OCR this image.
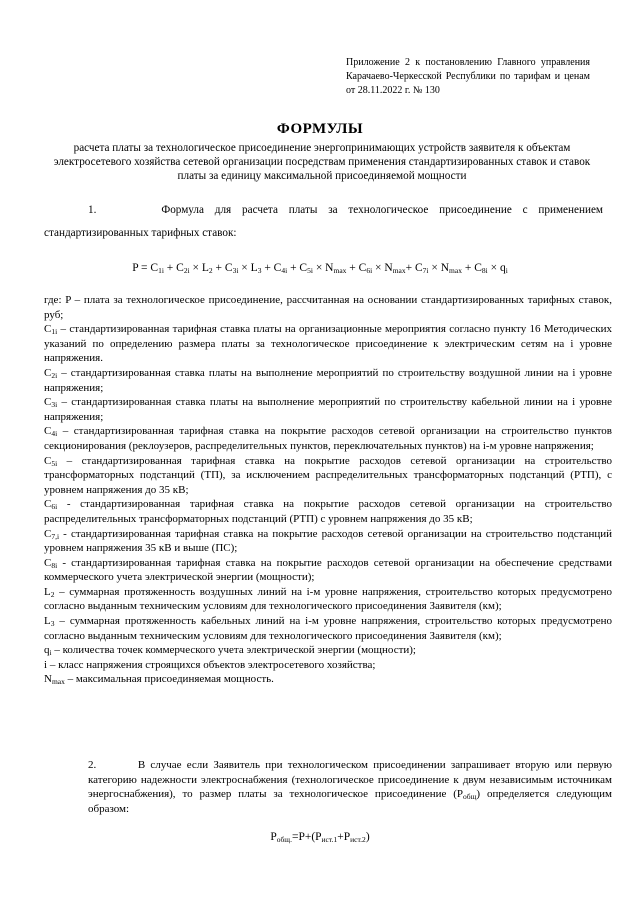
Приложение 2 к постановлению Главного управления Карачаево-Черкесской Республики по тарифам и ценам от 28.11.2022 г. № 130
ФОРМУЛЫ
расчета платы за технологическое присоединение энергопринимающих устройств заявителя к объектам электросетевого хозяйства сетевой организации посредствам применения стандартизированных ставок и ставок платы за единицу максимальной присоединяемой мощности
1.	Формула для расчета платы за технологическое присоединение с применением
стандартизированных тарифных ставок:
$P = C_{1i} + C_{2i} \times L_2 + C_{3i} \times L_3 + C_{4i} + C_{5i} \times N_{max} + C_{6i} \times N_{max}+ C_{7i} \times N_{max} + C_{8i} \times q_i$

где: P – плата за технологическое присоединение, рассчитанная на основании стандартизированных тарифных ставок, руб;

$C_{1i}$ – стандартизированная тарифная ставка платы на организационные мероприятия согласно пункту 16 Методических указаний по определению размера платы за технологическое присоединение к электрическим сетям на i уровне напряжения.

$C_{2i}$ – стандартизированная ставка платы на выполнение мероприятий по строительству воздушной линии на i уровне напряжения;

$C_{3i}$ – стандартизированная ставка платы на выполнение мероприятий по строительству кабельной линии на i уровне напряжения;

$C_{4i}$ – стандартизированная тарифная ставка на покрытие расходов сетевой организации на строительство пунктов секционирования (реклоузеров, распределительных пунктов, переключательных пунктов) на i-м уровне напряжения;

$C_{5i}$ – стандартизированная тарифная ставка на покрытие расходов сетевой организации на строительство трансформаторных подстанций (ТП), за исключением распределительных трансформаторных подстанций (РТП), с уровнем напряжения до 35 кВ;

$C_{6i}$ - стандартизированная тарифная ставка на покрытие расходов сетевой организации на строительство распределительных трансформаторных подстанций (РТП) с уровнем напряжения до 35 кВ;

$C_{7,i}$ - стандартизированная тарифная ставка на покрытие расходов сетевой организации на строительство подстанций уровнем напряжения 35 кВ и выше (ПС);

$C_{8i}$ - стандартизированная тарифная ставка на покрытие расходов сетевой организации на обеспечение средствами коммерческого учета электрической энергии (мощности);

$L_2$ – суммарная протяженность воздушных линий на i-м уровне напряжения, строительство которых предусмотрено согласно выданным техническим условиям для технологического присоединения Заявителя (км);

$L_3$ – суммарная протяженность кабельных линий на i-м уровне напряжения, строительство которых предусмотрено согласно выданным техническим условиям для технологического присоединения Заявителя (км);

$q_i$ – количества точек коммерческого учета электрической энергии (мощности);

i – класс напряжения строящихся объектов электросетевого хозяйства;

$N_{max}$ – максимальная присоединяемая мощность.

2.	В случае если Заявитель при технологическом присоединении запрашивает вторую или первую категорию надежности электроснабжения (технологическое присоединение к двум независимым источникам энергоснабжения), то размер платы за технологическое присоединение $(P_{общ})$ определяется следующим образом:
$P_{общ.}=P+(P_{ист.1}+P_{ист.2})$
